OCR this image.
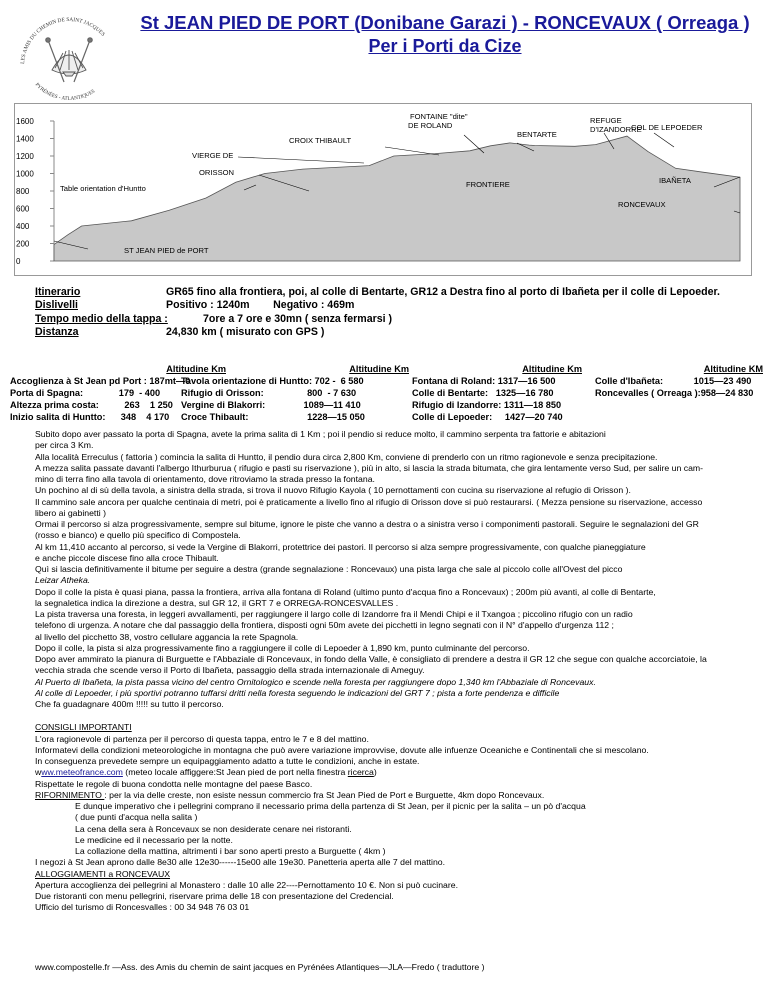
LES AMIS DU CHEMIN DE SAINT JACQUES
PYRÉNÉES - ATLANTIQUES
St JEAN PIED DE PORT (Donibane Garazi ) - RONCEVAUX ( Orreaga )
Per i Porti da Cize
0
200
400
600
800
1000
1200
1400
1600
ST JEAN PIED de PORT
Table orientation d'Huntto
ORISSON
VIERGE DE
CROIX THIBAULT
FONTAINE "dite" DE ROLAND
BENTARTE
FRONTIERE
REFUGE D'IZANDORRE
COL DE LEPOEDER
IBAÑETA
RONCEVAUX
Itinerario	GR65 fino alla frontiera, poi, al colle di Bentarte, GR12 a Destra fino al porto di Ibañeta per il colle di Lepoeder.
Dislivelli	Positivo : 1240m        Negativo : 469m
Tempo medio della tappa :	7ore a 7 ore e 30mn ( senza fermarsi )
Distanza	24,830 km ( misurato con GPS )
Altitudine Km
Accoglienza à St Jean pd Port : 187mt—0
Porta di Spagna:              179  - 400
Altezza prima costa:          263    1 250
Inizio salita di Huntto:      348    4 170
Altitudine Km
Tavola orientazione di Huntto: 702 -  6 580
Rifugio di Orisson:                 800  - 7 630
Vergine di Blakorri:               1089—11 410
Croce Thibault:                       1228—15 050
Altitudine Km
Fontana di Roland: 1317—16 500
Colle di Bentarte:   1325—16 780
Rifugio di Izandorre: 1311—18 850
Colle di Lepoeder:     1427—20 740
Altitudine KM
Colle d'Ibañeta:            1015—23 490
Roncevalles ( Orreaga ):958—24 830

Subito dopo aver passato la porta di Spagna, avete la prima salita di 1 Km ; poi il pendio si reduce molto, il cammino serpenta tra fattorie e abitazioni

per circa 3 Km.

Alla località Erreculus ( fattoria ) comincia la salita di Huntto, il pendio dura circa 2,800 Km, conviene di prenderlo con un ritmo ragionevole e senza precipitazione.

A mezza salita passate davanti l'albergo Ithurburua ( rifugio e pasti su riservazione ), più in alto, si lascia la strada bitumata, che gira lentamente verso Sud, per salire un cam-

mino di terra fino alla tavola di orientamento, dove ritroviamo la strada presso la fontana.

Un pochino al di sù della tavola, a sinistra della strada, si trova il nuovo Rifugio Kayola ( 10 pernottamenti con cucina su riservazione al refugio di Orisson ).

Il cammino sale ancora per qualche centinaia di metri, poi è praticamente a livello fino al rifugio di Orisson dove si può restaurarsi. ( Mezza pensione su riservazione, accesso

libero ai gabinetti )

Ormai il percorso si alza progressivamente, sempre sul bitume, ignore le piste che vanno a destra o a sinistra verso i componimenti pastorali. Seguire le segnalazioni del GR

(rosso e bianco) e quello più specifico di Compostela.

Al km 11,410 accanto al percorso, si vede la Vergine di Blakorri, protettrice dei pastori. Il percorso si alza sempre progressivamente, con qualche pianeggiature

e anche piccole discese fino alla croce Thibault.

Quì si lascia definitivamente il bitume per seguire a destra (grande segnalazione : Roncevaux) una pista larga che sale al piccolo colle all'Ovest del picco

Leizar Atheka.

Dopo il colle la pista è quasi piana, passa la frontiera, arriva alla fontana di Roland (ultimo punto d'acqua fino a Roncevaux) ; 200m più avanti, al colle di Bentarte,

la segnaletica indica la direzione a destra, sul GR 12, il GRT 7 e ORREGA-RONCESVALLES .

La pista traversa una foresta, in leggeri avvallamenti, per raggiungere il largo colle di Izandorre fra il Mendi Chipi e il Txangoa ; piccolino rifugio con un radio

telefono di urgenza. A notare che dal passaggio della frontiera, disposti ogni 50m avete dei picchetti in legno segnati con il N° d'appello d'urgenza 112 ;

al livello del picchetto 38, vostro cellulare aggancia la rete Spagnola.

Dopo il colle, la pista si alza progressivamente fino a raggiungere il colle di Lepoeder à 1,890 km, punto culminante del percorso.

Dopo aver ammirato la pianura di Burguette e l'Abbaziale di Roncevaux, in fondo della Valle, è consigliato di prendere a destra il GR 12 che segue con qualche accorciatoie, la

vecchia strada che scende verso il Porto di Ibañeta, passaggio della strada internazionale di Ameguy.

Al Puerto di Ibañeta, la pista passa vicino del centro Ornitologico e scende nella foresta per raggiungere dopo 1,340 km l'Abbaziale di Roncevaux.

Al colle di Lepoeder, i più sportivi potranno tuffarsi dritti nella foresta seguendo le indicazioni del GRT 7 ; pista a forte pendenza e difficile

Che fa guadagnare 400m !!!!! su tutto il percorso.

CONSIGLI IMPORTANTI

L'ora ragionevole di partenza per il percorso di questa tappa, entro le 7 e 8 del mattino.

Informatevi della condizioni meteorologiche in montagna che può avere variazione improvvise, dovute alle infuenze Oceaniche e Continentali che si mescolano.

In conseguenza prevedete sempre un equipaggiamento adatto a tutte le condizioni, anche in estate.

www.meteofrance.com (meteo locale affiggere:St Jean pied de port nella finestra ricerca)

Rispettate le regole di buona condotta nelle montagne del paese Basco.

RIFORNIMENTO : per la via delle creste, non esiste nessun commercio fra St Jean Pied de Port e Burguette, 4km dopo Roncevaux.

E dunque imperativo che i pellegrini comprano il necessario prima della partenza di St Jean, per il picnic per la salita – un pò d'acqua

( due punti d'acqua nella salita )

La cena della sera à Roncevaux se non desiderate cenare nei ristoranti.

Le medicine ed il necessario per la notte.

La collazione della mattina, altrimenti i bar sono aperti presto a Burguette ( 4km )

I negozi à St Jean aprono dalle 8e30 alle 12e30------15e00 alle 19e30. Panetteria aperta alle 7 del mattino.

ALLOGGIAMENTI a RONCEVAUX

Apertura accoglienza dei pellegrini al Monastero : dalle 10 alle 22----Pernottamento 10 €. Non si può cucinare.

Due ristoranti con menu pellegrini, riservare prima delle 18 con presentazione del Credencial.

Ufficio del turismo di Roncesvalles : 00 34 948 76 03 01

www.compostelle.fr —Ass. des Amis du chemin de saint jacques en Pyrénées Atlantiques—JLA—Fredo ( traduttore )
